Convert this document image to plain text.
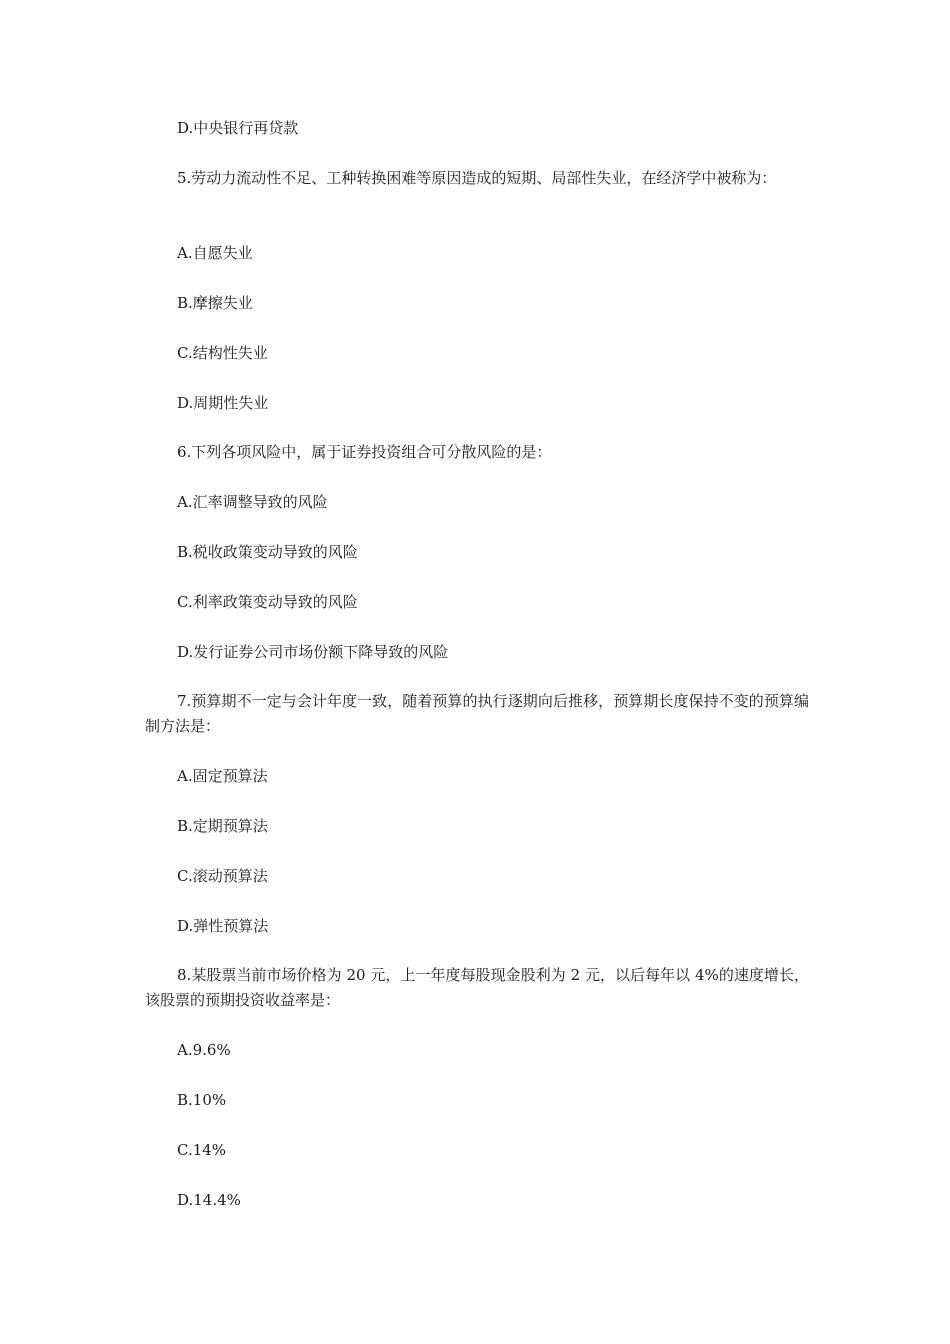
D.中央银行再贷款
5.劳动力流动性不足、工种转换困难等原因造成的短期、局部性失业，在经济学中被称为：
A.自愿失业
B.摩擦失业
C.结构性失业
D.周期性失业
6.下列各项风险中，属于证券投资组合可分散风险的是：
A.汇率调整导致的风险
B.税收政策变动导致的风险
C.利率政策变动导致的风险
D.发行证券公司市场份额下降导致的风险
7.预算期不一定与会计年度一致，随着预算的执行逐期向后推移，预算期长度保持不变的预算编制方法是：
A.固定预算法
B.定期预算法
C.滚动预算法
D.弹性预算法
8.某股票当前市场价格为 20 元，上一年度每股现金股利为 2 元，以后每年以 4%的速度增长，该股票的预期投资收益率是：
A.9.6%
B.10%
C.14%
D.14.4%
